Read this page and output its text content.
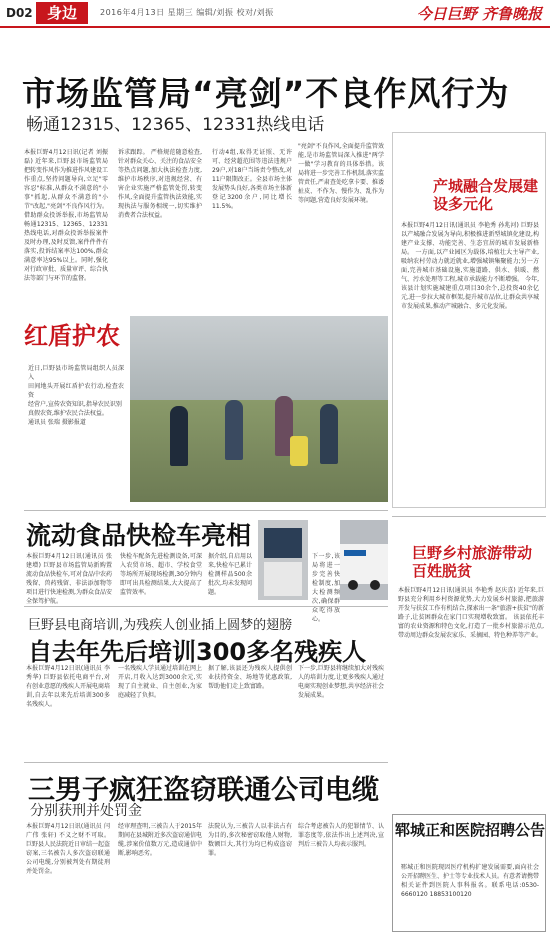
D02 身边	2016年4月13日 星期三 编辑/刘振 校对/刘振	今日巨野 齐鲁晚报
市场监管局“亮剑”不良作风行为
畅通12315、12365、12331热线电话
本报巨野4月12日讯(记者 刘振磊) 近年来,巨野县市场监管局把转变作风作为推进作风建设工作重点,坚持问题导向,立足"零容忍"标准,从群众不满意的"小事"抓起,从群众不满意的"小节"改起,"亮剑"不良作风行为。 借助群众投诉举报,市场监管局畅通12315、12365、12331热线电话,对群众投诉举报案件及时办理,及时反馈,案件件件有落实,投诉结案率达100%,群众满意率达95%以上。同时,强化对行政审批、质量审评、综合执法等部门与环节的监督。
诉求跟踪。 严格规范随意检查,针对群众关心、关注的食品安全等热点问题,加大执法检查力度,维护市场秩序,对违规经营、有害企业实施严格监管处罚,转变作风,全面提升监管执法效能,实现执法与服务相统一,切实维护消费者合法权益。
行动4组,取得无证照、无许可、经营超范围等违法违规户29户,对18户当场责令整改,对11户限期改正。全县市场主体发展势头良好,各类市场主体新登记3200余户,同比增长11.5%。
"亮剑"不良作风,全面提升监管效能,是市场监管局深入推进"两学一做"学习教育的具体举措。该局将进一步完善工作机制,落实监管责任,严肃查处吃拿卡要、推诿扯皮、不作为、慢作为、乱作为等问题,营造良好发展环境。
产城融合发展建设多元化
本报巨野4月12日讯(通讯员 李艳秀 孙兆河) 巨野县以产城融合发展为导向,积极推进新型城镇化建设,构建产业支撑、功能完善、生态宜居的城市发展新格局。 一方面,以产业园区为载体,培植壮大主导产业,吸纳农村劳动力就近就业,增强城镇集聚能力;另一方面,完善城市基础设施,实施道路、供水、供暖、燃气、污水处理等工程,城市承载能力不断增强。 今年,该县计划实施城建重点项目30余个,总投资40余亿元,进一步拉大城市框架,提升城市品位,让群众共享城市发展成果,推动产城融合、多元化发展。
红盾护农
近日,巨野县市场监管局组织人员深入
田间地头开展红盾护农行动,检查农资
经营户,宣传农资知识,指导农民识别
真假农资,维护农民合法权益。
通讯员 张瑞 摄影报道
流动食品快检车亮相
本报巨野4月12日讯(通讯员 张建增) 巨野县市场监管局新购置流动食品快检车,可对食品中农药残留、兽药残留、非法添加物等项目进行快速检测,为群众食品安全保驾护航。
快检车配备先进检测设备,可深入农贸市场、超市、学校食堂等场所开展现场检测,30分钟内即可出具检测结果,大大提高了监管效率。
据介绍,自启用以来,快检车已累计检测样品500余批次,均未发现问题。
下一步,该局将进一步完善快检制度,加大检测频次,确保群众吃得放心。
巨野乡村旅游带动百姓脱贫
本报巨野4月12日讯(通讯员 李艳秀 赵庆喜) 近年来,巨野县充分利用乡村资源优势,大力发展乡村旅游,把旅游开发与扶贫工作有机结合,探索出一条"旅游+扶贫"的新路子,让贫困群众在家门口实现增收致富。 该县依托丰富的农业资源和特色文化,打造了一批乡村旅游示范点,带动周边群众发展农家乐、采摘园、特色种养等产业。
巨野县电商培训,为残疾人创业插上圆梦的翅膀
自去年先后培训300多名残疾人
本报巨野4月12日讯(通讯员 李秀华) 巨野县依托电商平台,对有创业意愿的残疾人开展电商培训,自去年以来先后培训300多名残疾人。
一名残疾人学员通过培训在网上开店,月收入达到3000余元,实现了自主就业、自主创业,为家庭减轻了负担。
据了解,该县还为残疾人提供创业扶持资金、场地等优惠政策,帮助他们走上致富路。
下一步,巨野县将继续加大对残疾人的培训力度,让更多残疾人通过电商实现创业梦想,共享经济社会发展成果。
三男子疯狂盗窃联通公司电缆
分别获刑并处罚金
本报巨野4月12日讯(通讯员 闫广伟 张轩) 不义之财不可取。巨野县人民法院近日审结一起盗窃案,三名被告人多次盗窃联通公司电缆,分别被判处有期徒刑并处罚金。
经审理查明,三被告人于2015年期间在县城附近多次盗窃通信电缆,涉案价值数万元,造成通信中断,影响恶劣。
法院认为,三被告人以非法占有为目的,多次秘密窃取他人财物,数额巨大,其行为均已构成盗窃罪。
综合考虑被告人的犯罪情节、认罪态度等,依法作出上述判决,宣判后三被告人均表示服判。
郓城正和医院招聘公告
郓城正和医院现因医疗机构扩建发展需要,面向社会公开招聘医生、护士等专业技术人员。有意者请携带相关证件到医院人事科报名。联系电话:0530-6660120 18853100120
